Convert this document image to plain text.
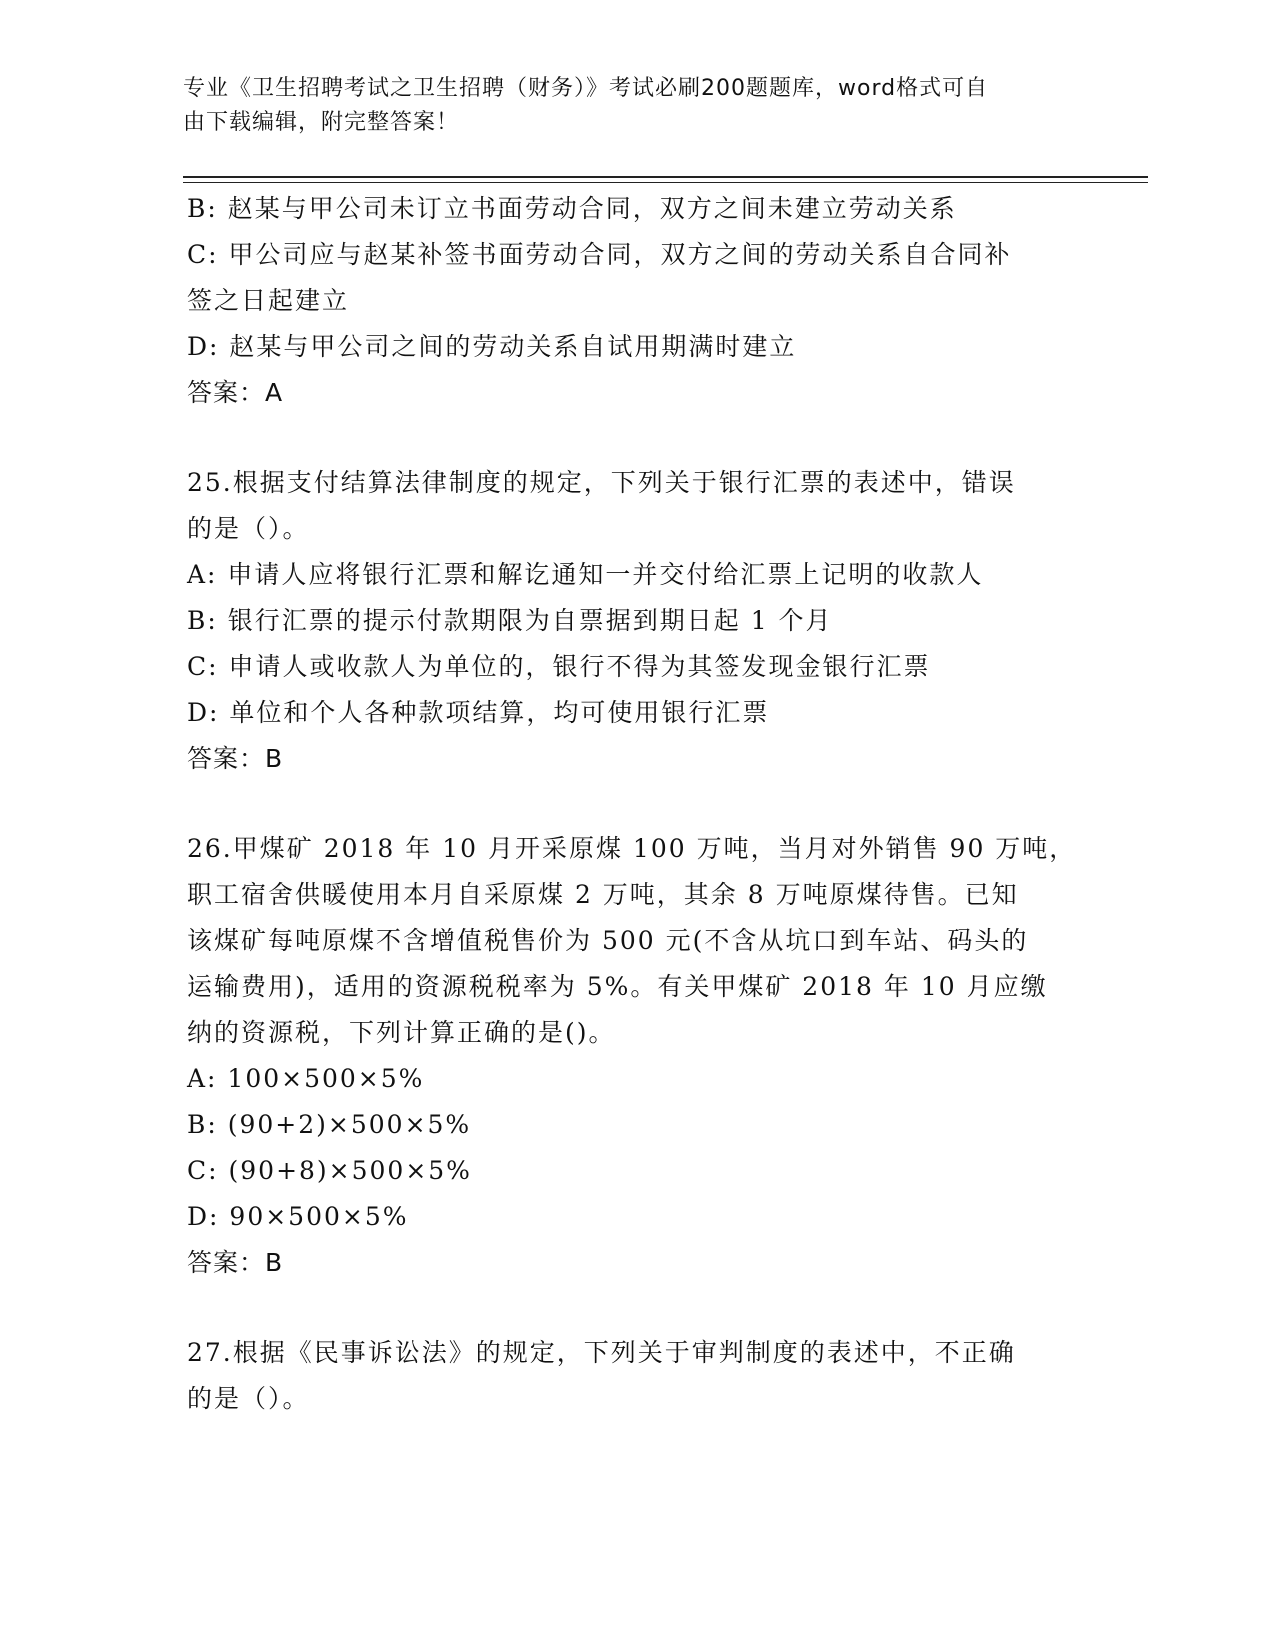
专业《卫生招聘考试之卫生招聘（财务）》考试必刷200题题库，word格式可自
由下载编辑，附完整答案！
B: 赵某与甲公司未订立书面劳动合同，双方之间未建立劳动关系
C: 甲公司应与赵某补签书面劳动合同，双方之间的劳动关系自合同补
签之日起建立
D: 赵某与甲公司之间的劳动关系自试用期满时建立
答案：A
25.根据支付结算法律制度的规定，下列关于银行汇票的表述中，错误
的是（）。
A: 申请人应将银行汇票和解讫通知一并交付给汇票上记明的收款人
B: 银行汇票的提示付款期限为自票据到期日起 1 个月
C: 申请人或收款人为单位的，银行不得为其签发现金银行汇票
D: 单位和个人各种款项结算，均可使用银行汇票
答案：B
26.甲煤矿 2018 年 10 月开采原煤 100 万吨，当月对外销售 90 万吨，
职工宿舍供暖使用本月自采原煤 2 万吨，其余 8 万吨原煤待售。已知
该煤矿每吨原煤不含增值税售价为 500 元(不含从坑口到车站、码头的
运输费用)，适用的资源税税率为 5%。有关甲煤矿 2018 年 10 月应缴
纳的资源税，下列计算正确的是()。
A: 100×500×5%
B: (90+2)×500×5%
C: (90+8)×500×5%
D: 90×500×5%
答案：B
27.根据《民事诉讼法》的规定，下列关于审判制度的表述中，不正确
的是（）。
